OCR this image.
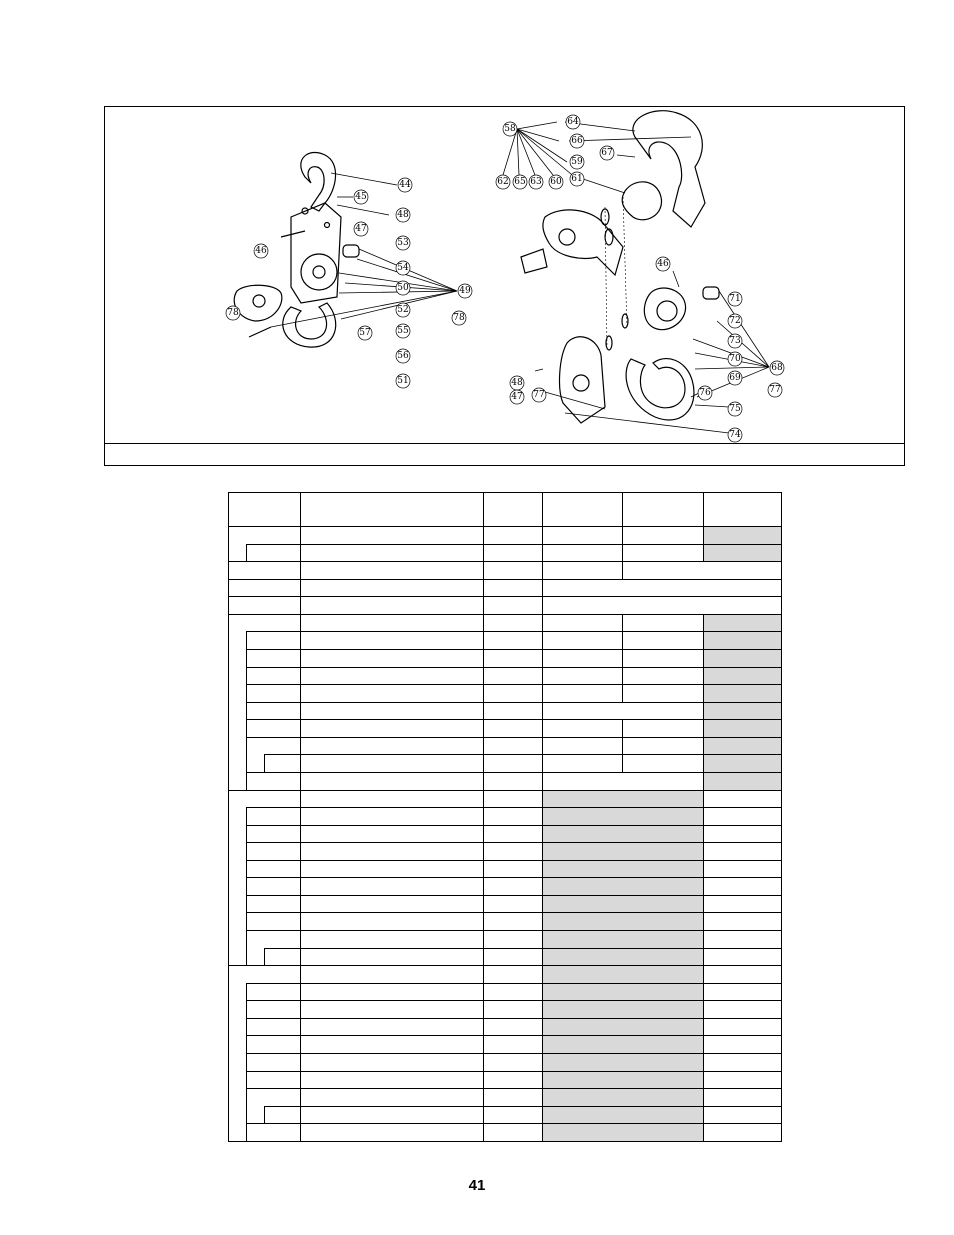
44
45
47
48
46
53
54
50
52
55
49
78
57
56
51
78
58
64
66
67
59
61
62 65 63 60
46
71
72
73
70
69
68
77
48
47 77	76
75
74

41
